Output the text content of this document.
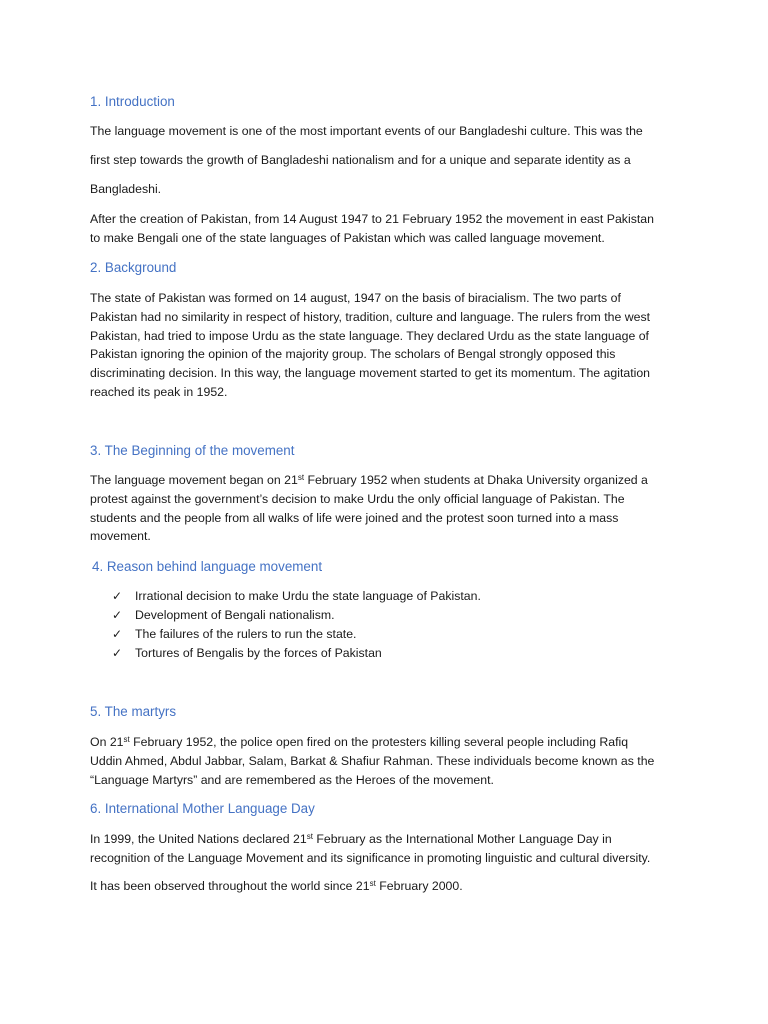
1. Introduction

The language movement is one of the most important events of our Bangladeshi culture. This was the
first step towards the growth of Bangladeshi nationalism and for a unique and separate identity as a
Bangladeshi.

After the creation of Pakistan, from 14 August 1947 to 21 February 1952 the movement in east Pakistan
to make Bengali one of the state languages of Pakistan which was called language movement.

2. Background

The state of Pakistan was formed on 14 august, 1947 on the basis of biracialism. The two parts of
Pakistan had no similarity in respect of history, tradition, culture and language. The rulers from the west
Pakistan, had tried to impose Urdu as the state language. They declared Urdu as the state language of
Pakistan ignoring the opinion of the majority group. The scholars of Bengal strongly opposed this
discriminating decision. In this way, the language movement started to get its momentum. The agitation
reached its peak in 1952.

3. The Beginning of the movement

The language movement began on 21st February 1952 when students at Dhaka University organized a
protest against the government’s decision to make Urdu the only official language of Pakistan. The
students and the people from all walks of life were joined and the protest soon turned into a mass
movement.

4. Reason behind language movement
✓	Irrational decision to make Urdu the state language of Pakistan.
✓	Development of Bengali nationalism.
✓	The failures of the rulers to run the state.
✓	Tortures of Bengalis by the forces of Pakistan
5. The martyrs

On 21st February 1952, the police open fired on the protesters killing several people including Rafiq
Uddin Ahmed, Abdul Jabbar, Salam, Barkat & Shafiur Rahman. These individuals become known as the
“Language Martyrs” and are remembered as the Heroes of the movement.

6. International Mother Language Day

In 1999, the United Nations declared 21st February as the International Mother Language Day in
recognition of the Language Movement and its significance in promoting linguistic and cultural diversity.

It has been observed throughout the world since 21st February 2000.
